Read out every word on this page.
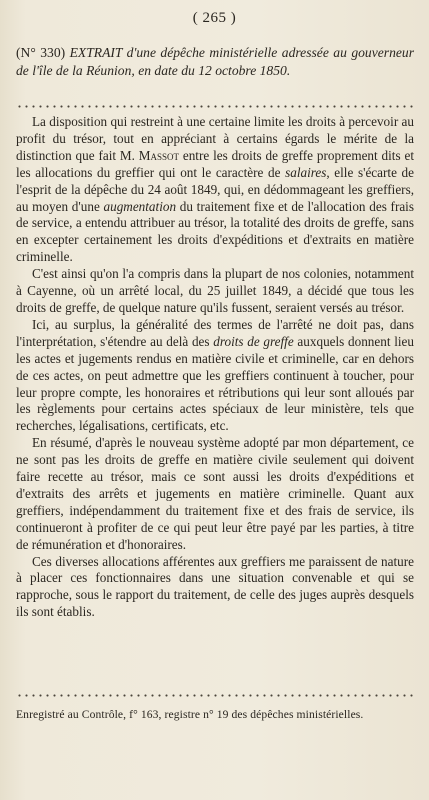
( 265 )
(N° 330) EXTRAIT d'une dépêche ministérielle adressée au gouverneur de l'île de la Réunion, en date du 12 octobre 1850.

La disposition qui restreint à une certaine limite les droits à percevoir au profit du trésor, tout en appréciant à certains égards le mérite de la distinction que fait M. Massot entre les droits de greffe proprement dits et les allocations du greffier qui ont le caractère de salaires, elle s'écarte de l'esprit de la dépêche du 24 août 1849, qui, en dédommageant les greffiers, au moyen d'une augmentation du traitement fixe et de l'allocation des frais de service, a entendu attribuer au trésor, la totalité des droits de greffe, sans en excepter certainement les droits d'expéditions et d'extraits en matière criminelle.

C'est ainsi qu'on l'a compris dans la plupart de nos colonies, notamment à Cayenne, où un arrêté local, du 25 juillet 1849, a décidé que tous les droits de greffe, de quelque nature qu'ils fussent, seraient versés au trésor.

Ici, au surplus, la généralité des termes de l'arrêté ne doit pas, dans l'interprétation, s'étendre au delà des droits de greffe auxquels donnent lieu les actes et jugements rendus en matière civile et criminelle, car en dehors de ces actes, on peut admettre que les greffiers continuent à toucher, pour leur propre compte, les honoraires et rétributions qui leur sont alloués par les règlements pour certains actes spéciaux de leur ministère, tels que recherches, légalisations, certificats, etc.

En résumé, d'après le nouveau système adopté par mon département, ce ne sont pas les droits de greffe en matière civile seulement qui doivent faire recette au trésor, mais ce sont aussi les droits d'expéditions et d'extraits des arrêts et jugements en matière criminelle. Quant aux greffiers, indépendamment du traitement fixe et des frais de service, ils continueront à profiter de ce qui peut leur être payé par les parties, à titre de rémunération et d'honoraires.

Ces diverses allocations afférentes aux greffiers me paraissent de nature à placer ces fonctionnaires dans une situation convenable et qui se rapproche, sous le rapport du traitement, de celle des juges auprès desquels ils sont établis.

Enregistré au Contrôle, f° 163, registre n° 19 des dépêches ministérielles.
